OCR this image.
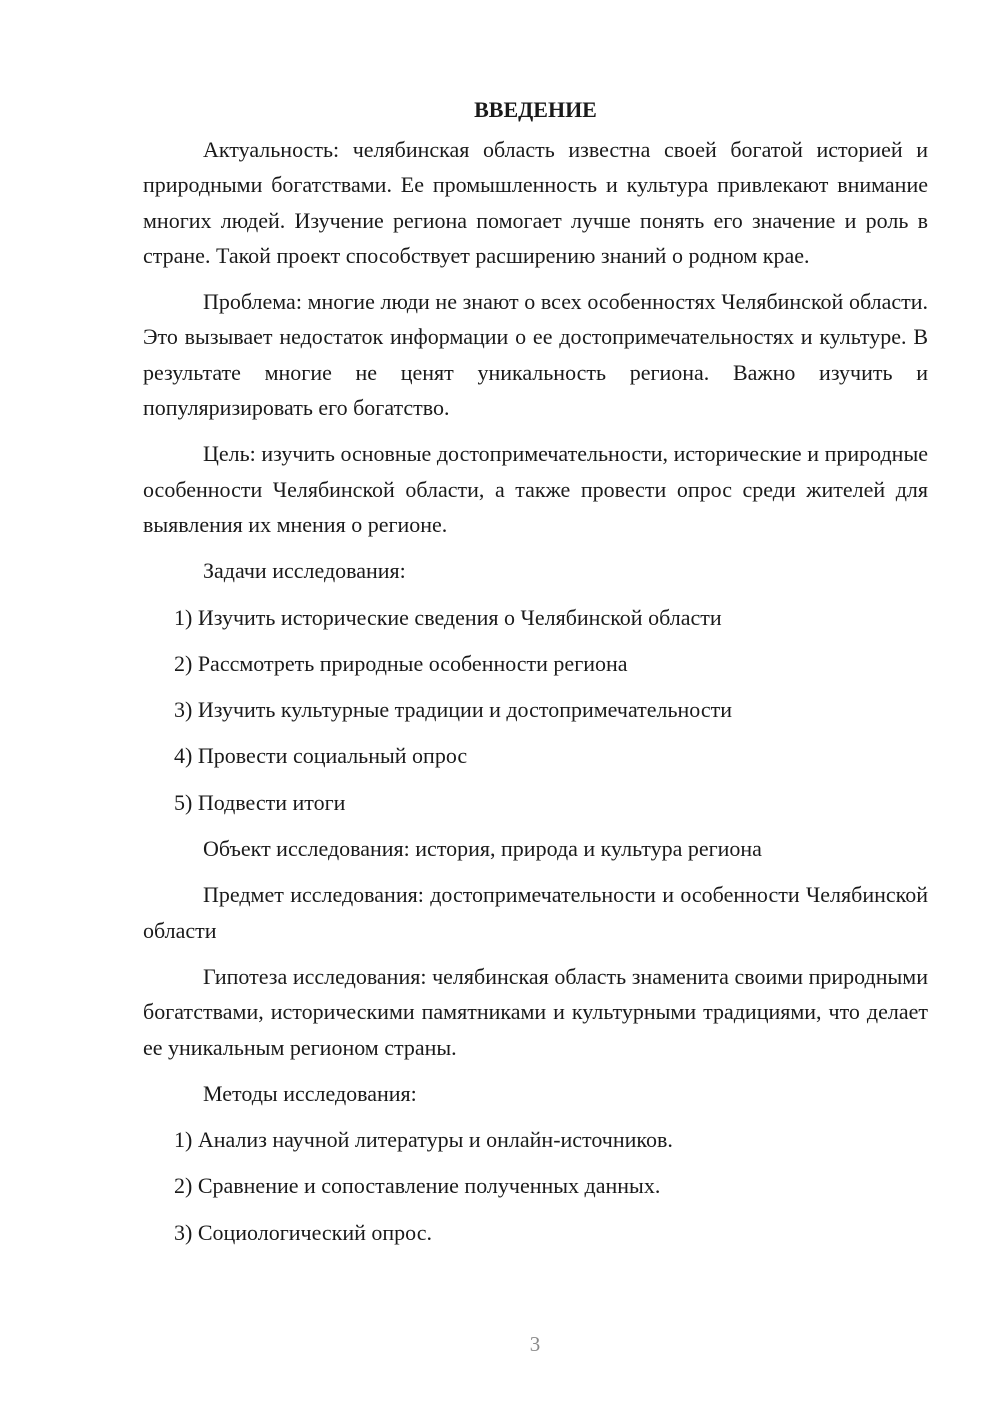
ВВЕДЕНИЕ

Актуальность: челябинская область известна своей богатой историей и природными богатствами. Ее промышленность и культура привлекают внимание многих людей. Изучение региона помогает лучше понять его значение и роль в стране. Такой проект способствует расширению знаний о родном крае.

Проблема: многие люди не знают о всех особенностях Челябинской области. Это вызывает недостаток информации о ее достопримечательностях и культуре. В результате многие не ценят уникальность региона. Важно изучить и популяризировать его богатство.

Цель: изучить основные достопримечательности, исторические и природные особенности Челябинской области, а также провести опрос среди жителей для выявления их мнения о регионе.

Задачи исследования:

1) Изучить исторические сведения о Челябинской области
2) Рассмотреть природные особенности региона
3) Изучить культурные традиции и достопримечательности
4) Провести социальный опрос
5) Подвести итоги

Объект исследования: история, природа и культура региона

Предмет исследования: достопримечательности и особенности Челябинской области

Гипотеза исследования: челябинская область знаменита своими природными богатствами, историческими памятниками и культурными традициями, что делает ее уникальным регионом страны.

Методы исследования:

1) Анализ научной литературы и онлайн-источников.
2) Сравнение и сопоставление полученных данных.
3) Социологический опрос.
3
